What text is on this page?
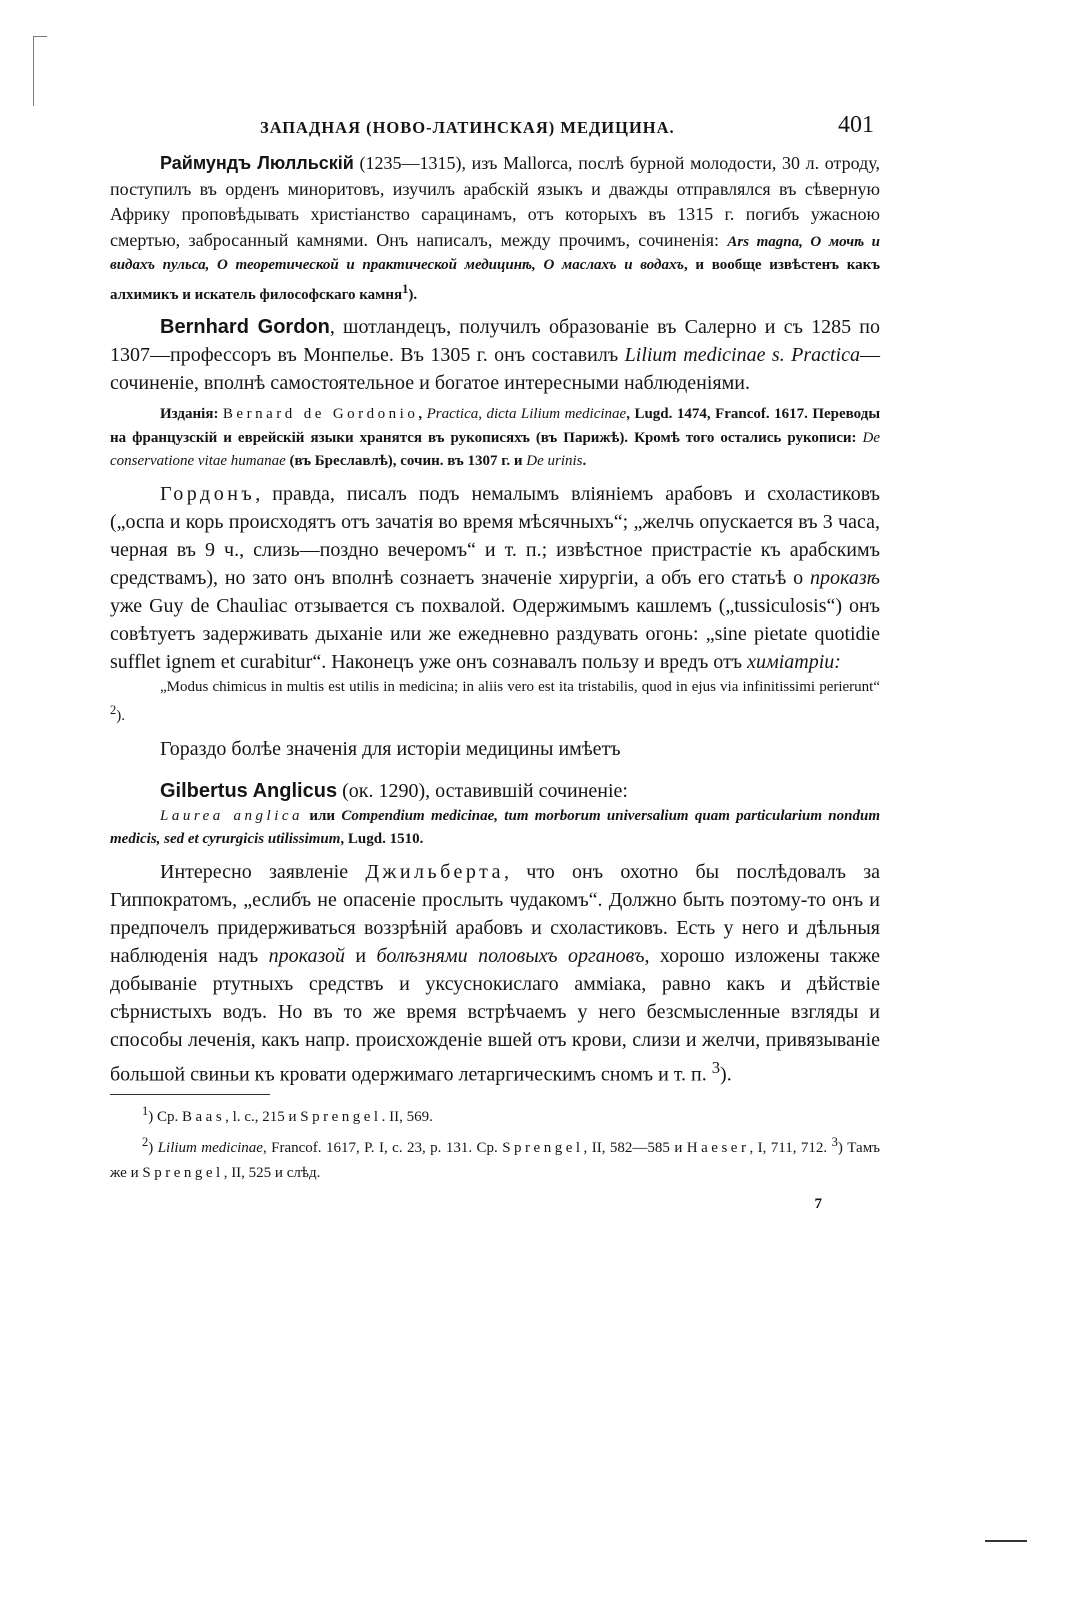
ЗАПАДНАЯ (НОВО-ЛАТИНСКАЯ) МЕДИЦИНА.	401

Раймундъ Люлльскій (1235—1315), изъ Mallorca, послѣ бурной молодости, 30 л. отроду, поступилъ въ орденъ миноритовъ, изучилъ арабскій языкъ и дважды отправлялся въ сѣверную Африку проповѣдывать христіанство сарацинамъ, отъ которыхъ въ 1315 г. погибъ ужасною смертью, забросанный камнями. Онъ написалъ, между прочимъ, сочиненія: Ars magna, О мочѣ и видахъ пульса, О теоретической и практической медицинѣ, О маслахъ и водахъ, и вообще извѣстенъ какъ алхимикъ и искатель философскаго камня$^1$).

Bernhard Gordon, шотландецъ, получилъ образованіе въ Салерно и съ 1285 по 1307—профессоръ въ Монпелье. Въ 1305 г. онъ составилъ Lilium medicinae s. Practica—сочиненіе, вполнѣ самостоятельное и богатое интересными наблюденіями.

Изданія: Bernard de Gordonio, Practica, dicta Lilium medicinae, Lugd. 1474, Francof. 1617. Переводы на французскій и еврейскій языки хранятся въ рукописяхъ (въ Парижѣ). Кромѣ того остались рукописи: De conservatione vitae humanae (въ Бреславлѣ), сочин. въ 1307 г. и De urinis.

Гордонъ, правда, писалъ подъ немалымъ вліяніемъ арабовъ и схоластиковъ („оспа и корь происходятъ отъ зачатія во время мѣсячныхъ“; „желчь опускается въ 3 часа, черная въ 9 ч., слизь—поздно вечеромъ“ и т. п.; извѣстное пристрастіе къ арабскимъ средствамъ), но зато онъ вполнѣ сознаетъ значеніе хирургіи, а объ его статьѣ о проказѣ уже Guy de Chauliac отзывается съ похвалой. Одержимымъ кашлемъ („tussiculosis“) онъ совѣтуетъ задерживать дыханіе или же ежедневно раздувать огонь: „sine pietate quotidie sufflet ignem et curabitur“. Наконецъ уже онъ сознавалъ пользу и вредъ отъ химіатріи:

„Modus chimicus in multis est utilis in medicina; in aliis vero est ita tristabilis, quod in ejus via infinitissimi perierunt“ $^2$).

Гораздо болѣе значенія для исторіи медицины имѣетъ

Gilbertus Anglicus (ок. 1290), оставившій сочиненіе:

Laurea anglica или Compendium medicinae, tum morborum universalium quam particularium nondum medicis, sed et cyrurgicis utilissimum, Lugd. 1510.

Интересно заявленіе Джильберта, что онъ охотно бы послѣдовалъ за Гиппократомъ, „еслибъ не опасеніе прослыть чудакомъ“. Должно быть поэтому-то онъ и предпочелъ придерживаться воззрѣній арабовъ и схоластиковъ. Есть у него и дѣльныя наблюденія надъ проказой и болѣзнями половыхъ органовъ, хорошо изложены также добываніе ртутныхъ средствъ и уксуснокислаго амміака, равно какъ и дѣйствіе сѣрнистыхъ водъ. Но въ то же время встрѣчаемъ у него безсмысленные взгляды и способы леченія, какъ напр. происхожденіе вшей отъ крови, слизи и желчи, привязываніе большой свиньи къ кровати одержимаго летаргическимъ сномъ и т. п. $^3$).

$^1$) Ср. Baas, l. с., 215 и Sprengel. II, 569.

$^2$) Lilium medicinae, Francof. 1617, P. I, c. 23, p. 131. Ср. Sprengel, II, 582—585 и Haeser, I, 711, 712. $^3$) Тамъ же и Sprengel, II, 525 и слѣд.

7
